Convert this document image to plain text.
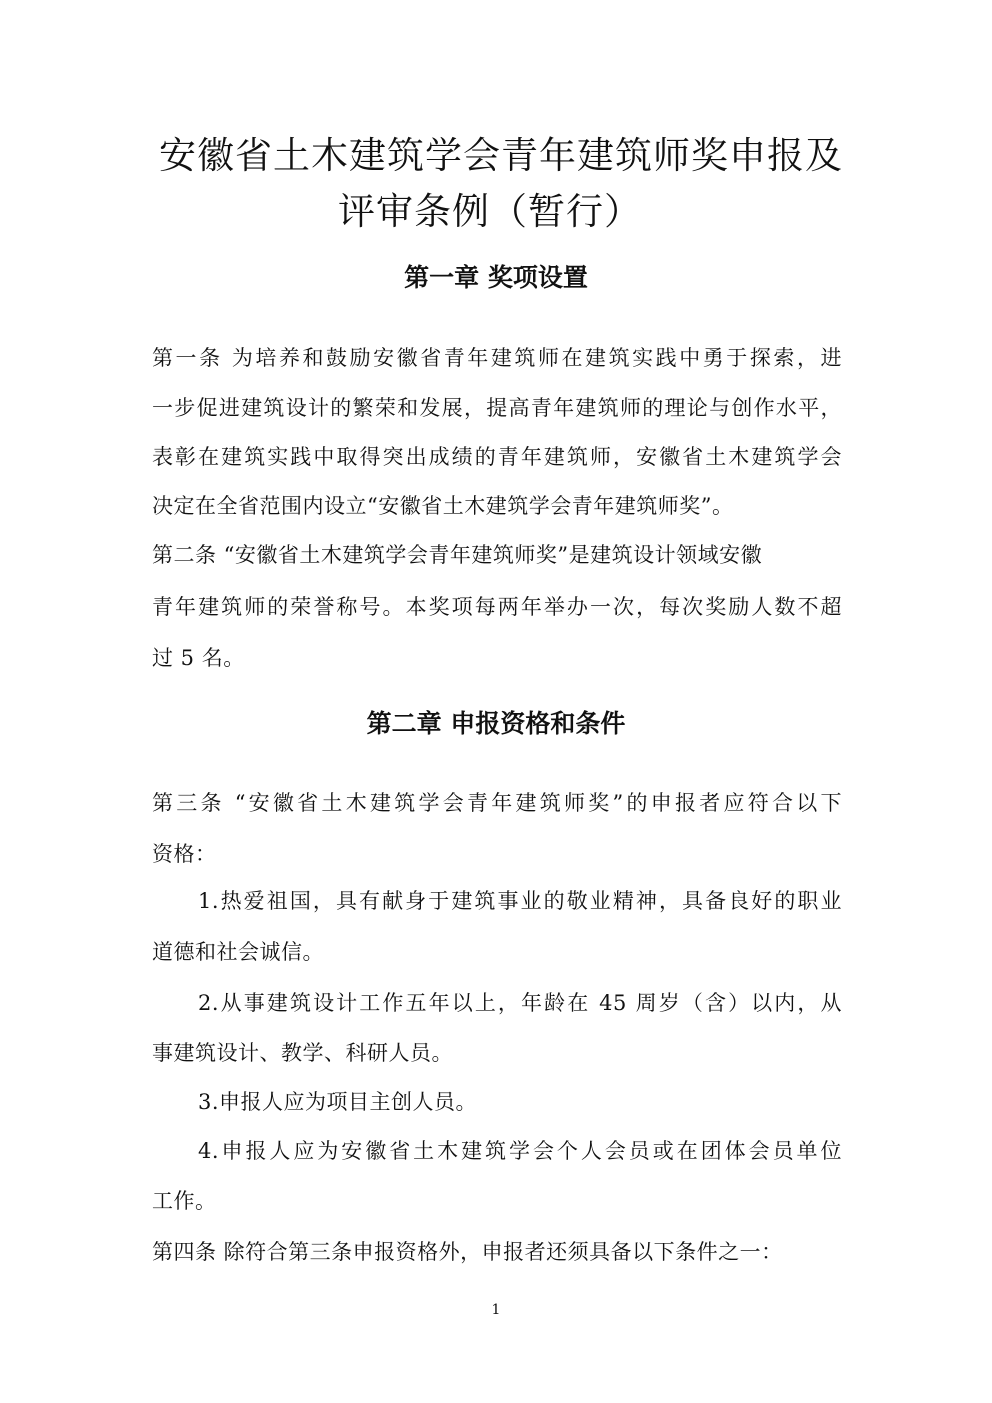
安徽省土木建筑学会青年建筑师奖申报及
评审条例（暂行）
第一章 奖项设置
第一条 为培养和鼓励安徽省青年建筑师在建筑实践中勇于探索，进
一步促进建筑设计的繁荣和发展，提高青年建筑师的理论与创作水平，
表彰在建筑实践中取得突出成绩的青年建筑师，安徽省土木建筑学会
决定在全省范围内设立“安徽省土木建筑学会青年建筑师奖”。
第二条 “安徽省土木建筑学会青年建筑师奖”是建筑设计领域安徽
青年建筑师的荣誉称号。本奖项每两年举办一次，每次奖励人数不超
过 5 名。
第二章 申报资格和条件
第三条 “安徽省土木建筑学会青年建筑师奖”的申报者应符合以下
资格：
1.热爱祖国，具有献身于建筑事业的敬业精神，具备良好的职业
道德和社会诚信。
2.从事建筑设计工作五年以上，年龄在 45 周岁（含）以内，从
事建筑设计、教学、科研人员。
3.申报人应为项目主创人员。
4.申报人应为安徽省土木建筑学会个人会员或在团体会员单位
工作。
第四条 除符合第三条申报资格外，申报者还须具备以下条件之一：
1
